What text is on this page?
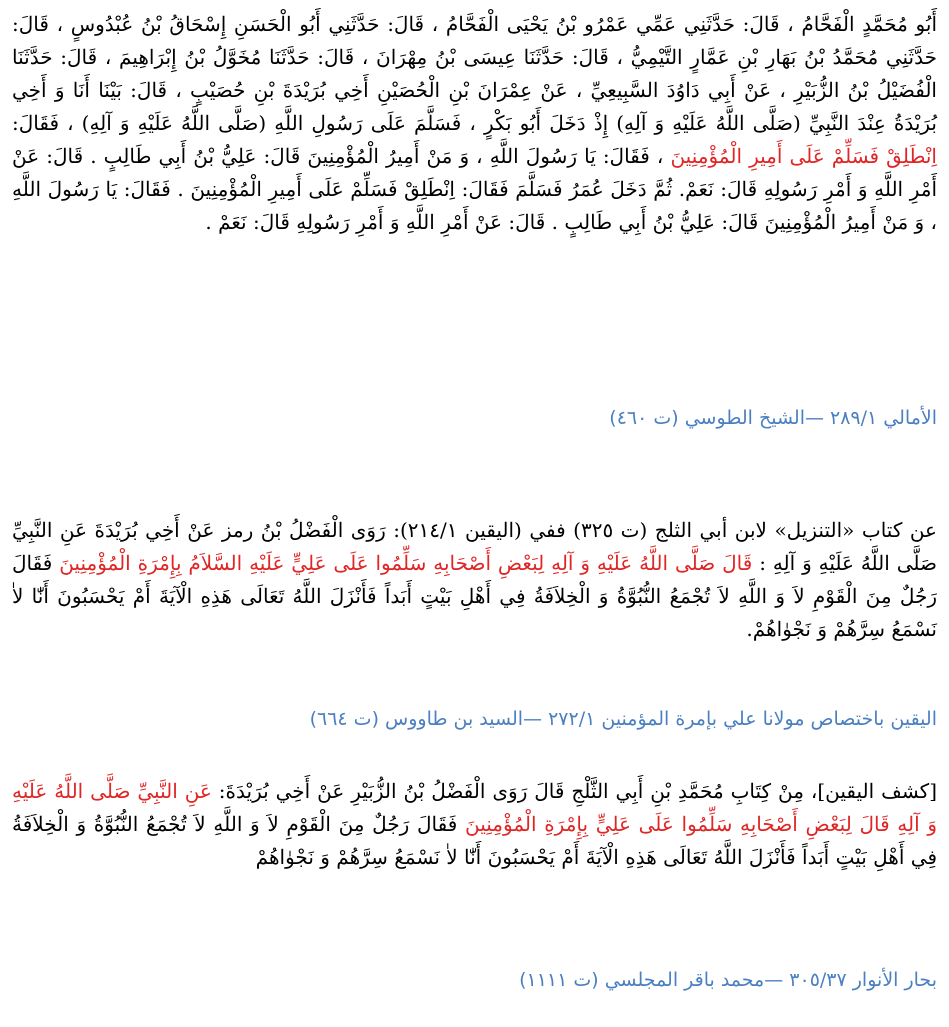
أَبُو مُحَمَّدٍ الْفَحَّامُ ، قَالَ: حَدَّثَنِي عَمِّي عَمْرُو بْنُ يَحْيَى الْفَحَّامُ ، قَالَ: حَدَّثَنِي أَبُو الْحَسَنِ إِسْحَاقُ بْنُ عُبْدُوسٍ ، قَالَ: حَدَّثَنِي مُحَمَّدُ بْنُ بَهَارِ بْنِ عَمَّارٍ التَّيْمِيُّ ، قَالَ: حَدَّثَنَا عِيسَى بْنُ مِهْرَانَ ، قَالَ: حَدَّثَنَا مُخَوَّلُ بْنُ إِبْرَاهِيمَ ، قَالَ: حَدَّثَنَا الْفُضَيْلُ بْنُ الزُّبَيْرِ ، عَنْ أَبِي دَاوُدَ السَّبِيعِيِّ ، عَنْ عِمْرَانَ بْنِ الْحُصَيْنِ أَخِي بُرَيْدَةَ بْنِ حُصَيْبٍ ، قَالَ: بَيْنَا أَنَا وَ أَخِي بُرَيْدَةُ عِنْدَ النَّبِيِّ (صَلَّى اللَّهُ عَلَيْهِ وَ آلِهِ) إِذْ دَخَلَ أَبُو بَكْرٍ ، فَسَلَّمَ عَلَى رَسُولِ اللَّهِ (صَلَّى اللَّهُ عَلَيْهِ وَ آلِهِ) ، فَقَالَ: اِنْطَلِقْ فَسَلِّمْ عَلَى أَمِيرِ الْمُؤْمِنِينَ ، فَقَالَ: يَا رَسُولَ اللَّهِ ، وَ مَنْ أَمِيرُ الْمُؤْمِنِينَ قَالَ: عَلِيُّ بْنُ أَبِي طَالِبٍ . قَالَ: عَنْ أَمْرِ اللَّهِ وَ أَمْرِ رَسُولِهِ قَالَ: نَعَمْ. ثُمَّ دَخَلَ عُمَرُ فَسَلَّمَ فَقَالَ: اِنْطَلِقْ فَسَلِّمْ عَلَى أَمِيرِ الْمُؤْمِنِينَ . فَقَالَ: يَا رَسُولَ اللَّهِ ، وَ مَنْ أَمِيرُ الْمُؤْمِنِينَ قَالَ: عَلِيُّ بْنُ أَبِي طَالِبٍ . قَالَ: عَنْ أَمْرِ اللَّهِ وَ أَمْرِ رَسُولِهِ قَالَ: نَعَمْ .
الأمالي ٢٨٩/١ —الشيخ الطوسي (ت ٤٦٠)
عن كتاب «التنزيل» لابن أبي الثلج (ت ٣٢٥) ففي (اليقين ٢١٤/١): رَوَى الْفَضْلُ بْنُ رمز عَنْ أَخِي بُرَيْدَةَ عَنِ النَّبِيِّ صَلَّى اللَّهُ عَلَيْهِ وَ آلِهِ : قَالَ صَلَّى اللَّهُ عَلَيْهِ وَ آلِهِ لِبَعْضِ أَصْحَابِهِ سَلِّمُوا عَلَى عَلِيٍّ عَلَيْهِ السَّلاَمُ بِإِمْرَةِ الْمُؤْمِنِينَ فَقَالَ رَجُلٌ مِنَ الْقَوْمِ لاَ وَ اللَّهِ لاَ تُجْمَعُ النُّبُوَّةُ وَ الْخِلاَفَةُ فِي أَهْلِ بَيْتٍ أَبَداً فَأَنْزَلَ اللَّهُ تَعَالَى هَذِهِ الْآيَةَ أَمْ يَحْسَبُونَ أَنّٰا لاٰ نَسْمَعُ سِرَّهُمْ وَ نَجْوٰاهُمْ.
اليقين باختصاص مولانا علي بإمرة المؤمنين ٢٧٢/١ —السيد بن طاووس (ت ٦٦٤)
[كشف اليقين]، مِنْ كِتَابِ مُحَمَّدِ بْنِ أَبِي الثَّلْجِ قَالَ رَوَى الْفَضْلُ بْنُ الزُّبَيْرِ عَنْ أَخِي بُرَيْدَةَ: عَنِ النَّبِيِّ صَلَّى اللَّهُ عَلَيْهِ وَ آلِهِ قَالَ لِبَعْضِ أَصْحَابِهِ سَلِّمُوا عَلَى عَلِيٍّ بِإِمْرَةِ الْمُؤْمِنِينَ فَقَالَ رَجُلٌ مِنَ الْقَوْمِ لاَ وَ اللَّهِ لاَ تُجْمَعُ النُّبُوَّةُ وَ الْخِلاَفَةُ فِي أَهْلِ بَيْتٍ أَبَداً فَأَنْزَلَ اللَّهُ تَعَالَى هَذِهِ الْآيَةَ أَمْ يَحْسَبُونَ أَنّٰا لاٰ نَسْمَعُ سِرَّهُمْ وَ نَجْوٰاهُمْ
بحار الأنوار ٣٠٥/٣٧ —محمد باقر المجلسي (ت ١١١١)
